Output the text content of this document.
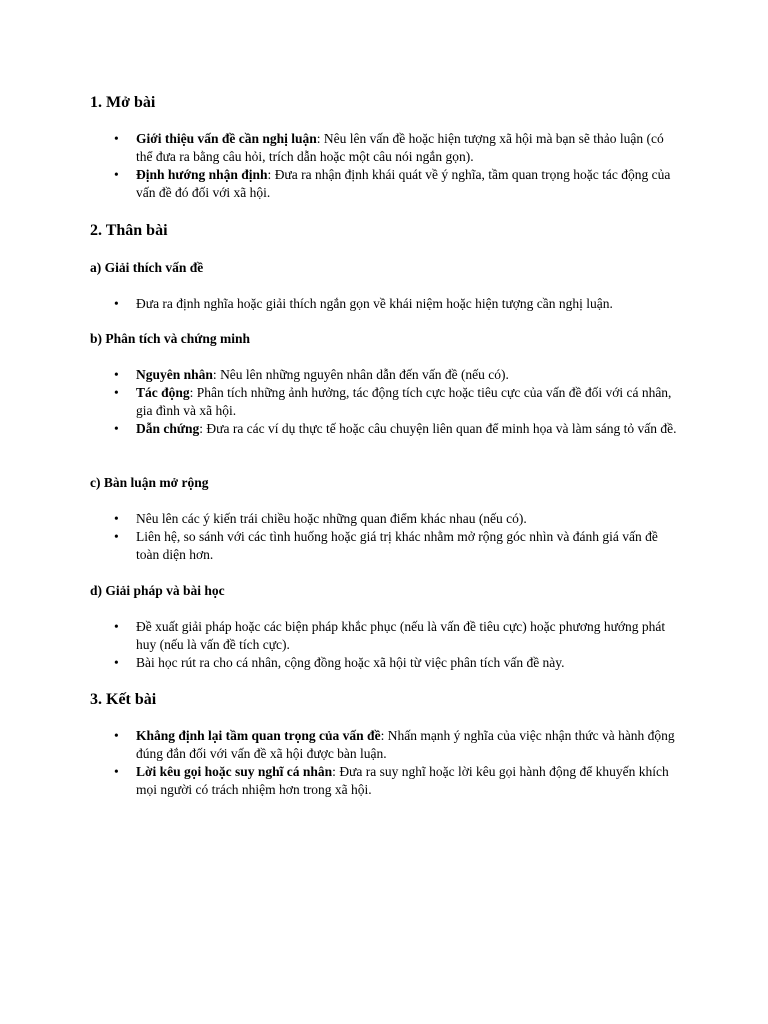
1. Mở bài
• Giới thiệu vấn đề cần nghị luận: Nêu lên vấn đề hoặc hiện tượng xã hội mà bạn sẽ thảo luận (có thể đưa ra bằng câu hỏi, trích dẫn hoặc một câu nói ngắn gọn).
• Định hướng nhận định: Đưa ra nhận định khái quát về ý nghĩa, tầm quan trọng hoặc tác động của vấn đề đó đối với xã hội.
2. Thân bài
a) Giải thích vấn đề
• Đưa ra định nghĩa hoặc giải thích ngắn gọn về khái niệm hoặc hiện tượng cần nghị luận.
b) Phân tích và chứng minh
• Nguyên nhân: Nêu lên những nguyên nhân dẫn đến vấn đề (nếu có).
• Tác động: Phân tích những ảnh hưởng, tác động tích cực hoặc tiêu cực của vấn đề đối với cá nhân, gia đình và xã hội.
• Dẫn chứng: Đưa ra các ví dụ thực tế hoặc câu chuyện liên quan để minh họa và làm sáng tỏ vấn đề.
c) Bàn luận mở rộng
• Nêu lên các ý kiến trái chiều hoặc những quan điểm khác nhau (nếu có).
• Liên hệ, so sánh với các tình huống hoặc giá trị khác nhằm mở rộng góc nhìn và đánh giá vấn đề toàn diện hơn.
d) Giải pháp và bài học
• Đề xuất giải pháp hoặc các biện pháp khắc phục (nếu là vấn đề tiêu cực) hoặc phương hướng phát huy (nếu là vấn đề tích cực).
• Bài học rút ra cho cá nhân, cộng đồng hoặc xã hội từ việc phân tích vấn đề này.
3. Kết bài
• Khẳng định lại tầm quan trọng của vấn đề: Nhấn mạnh ý nghĩa của việc nhận thức và hành động đúng đắn đối với vấn đề xã hội được bàn luận.
• Lời kêu gọi hoặc suy nghĩ cá nhân: Đưa ra suy nghĩ hoặc lời kêu gọi hành động để khuyến khích mọi người có trách nhiệm hơn trong xã hội.
